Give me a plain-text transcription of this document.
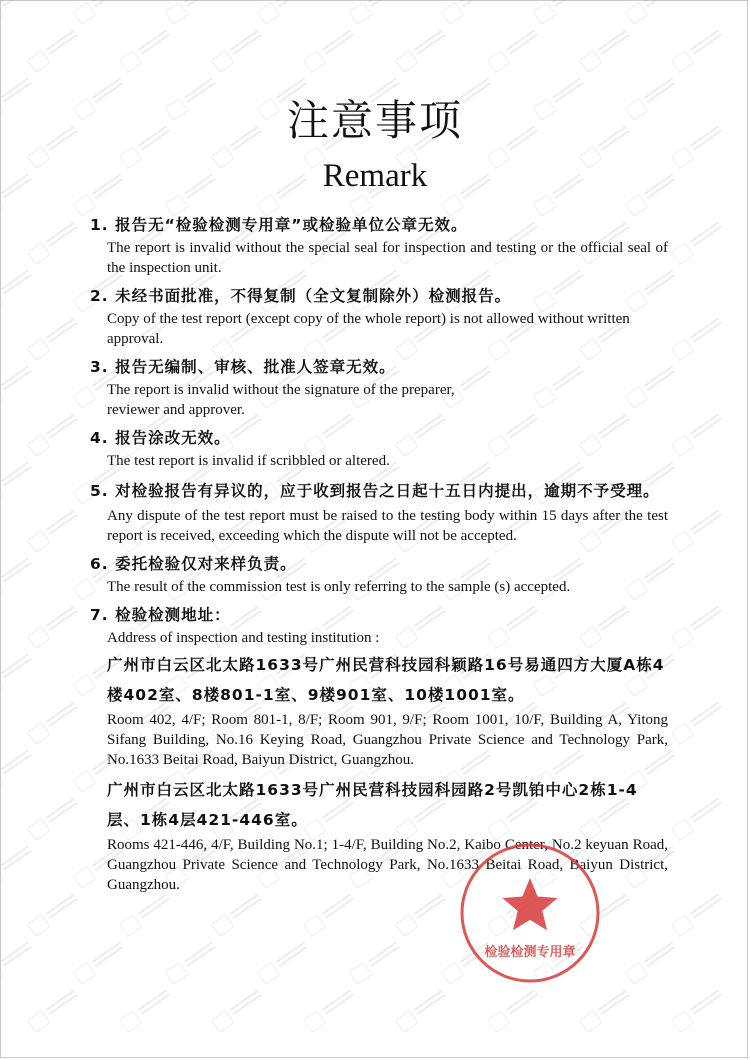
注意事项
Remark
1. 报告无“检验检测专用章”或检验单位公章无效。
The report is invalid without the special seal for inspection and testing or the official seal of the inspection unit.
2. 未经书面批准，不得复制（全文复制除外）检测报告。
Copy of the test report (except copy of the whole report) is not allowed without written approval.
3. 报告无编制、审核、批准人签章无效。
The report is invalid without the signature of the preparer,
reviewer and approver.
4. 报告涂改无效。
The test report is invalid if scribbled or altered.
5. 对检验报告有异议的，应于收到报告之日起十五日内提出，逾期不予受理。
Any dispute of the test report must be raised to the testing body within 15 days after the test report is received, exceeding which the dispute will not be accepted.
6. 委托检验仅对来样负责。
The result of the commission test is only referring to the sample (s) accepted.
7. 检验检测地址：
Address of inspection and testing institution :
广州市白云区北太路1633号广州民营科技园科颖路16号易通四方大厦A栋4楼402室、8楼801-1室、9楼901室、10楼1001室。
Room 402, 4/F; Room 801-1, 8/F; Room 901, 9/F; Room 1001, 10/F, Building A, Yitong Sifang Building, No.16 Keying Road, Guangzhou Private Science and Technology Park, No.1633 Beitai Road, Baiyun District, Guangzhou.
广州市白云区北太路1633号广州民营科技园科园路2号凯铂中心2栋1-4层、1栋4层421-446室。
Rooms 421-446, 4/F, Building No.1; 1-4/F, Building No.2, Kaibo Center, No.2 keyuan Road, Guangzhou Private Science and Technology Park, No.1633 Beitai Road, Baiyun District, Guangzhou.
检验检测专用章
